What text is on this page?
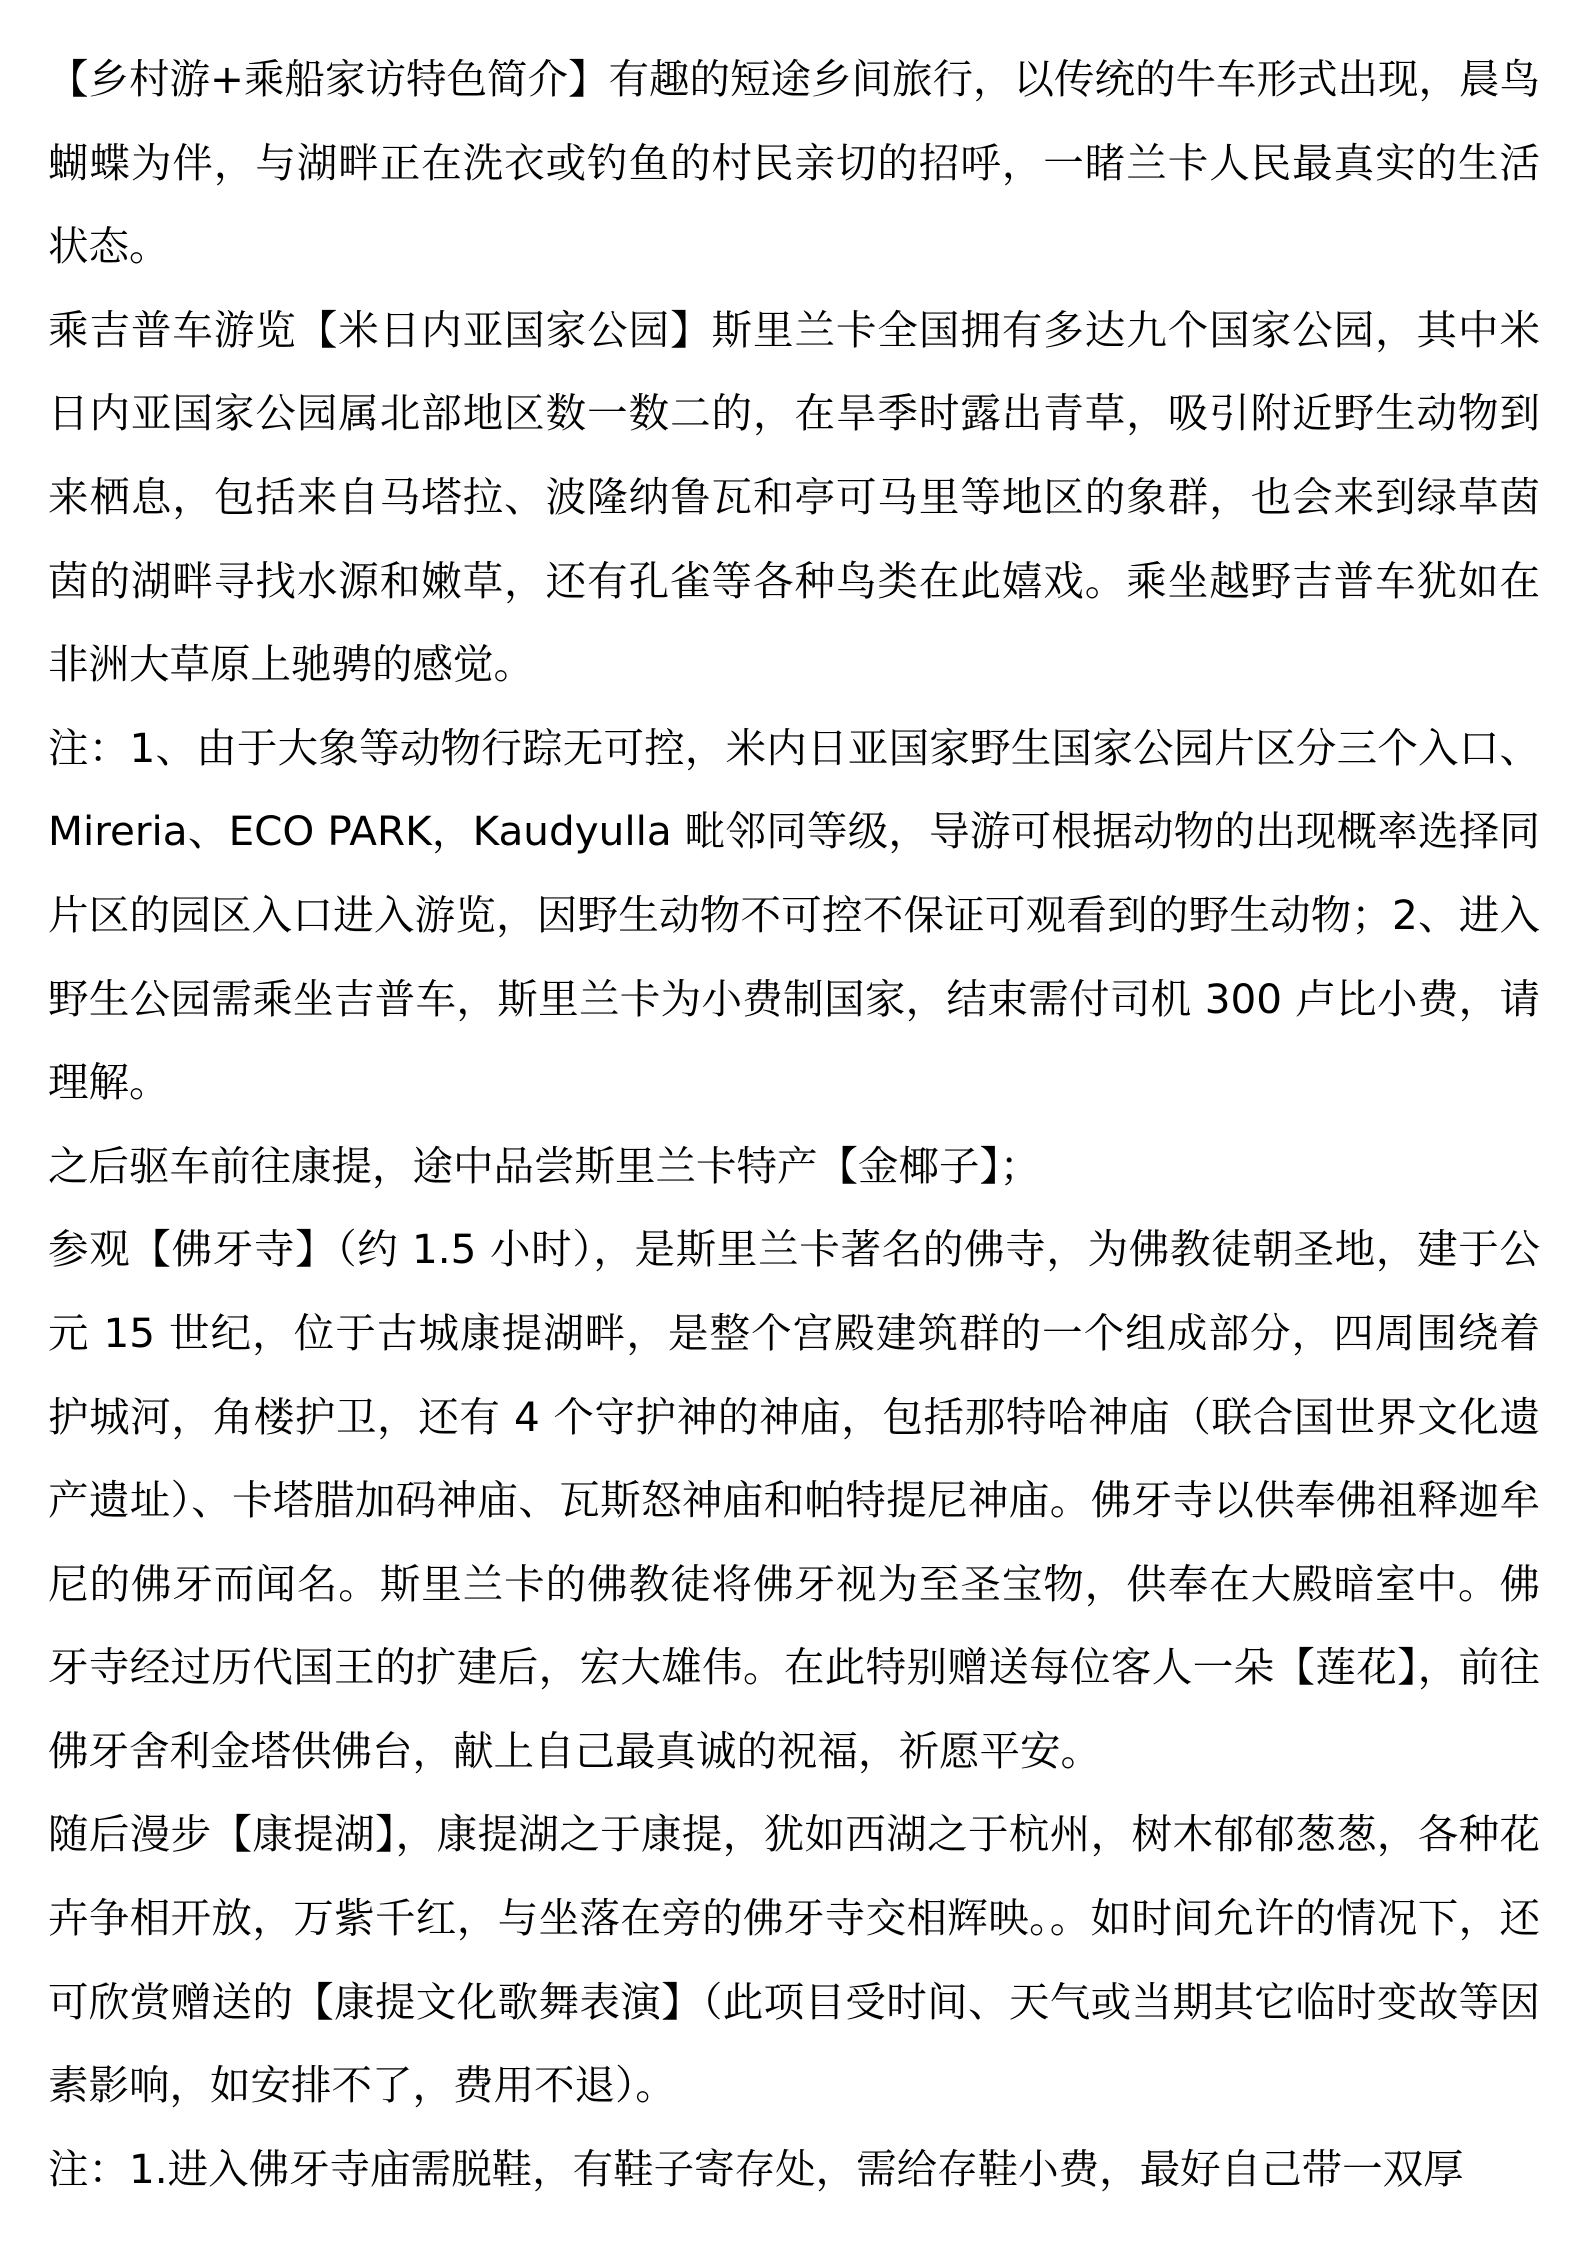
【乡村游+乘船家访特色简介】有趣的短途乡间旅行，以传统的牛车形式出现，晨鸟蝴蝶为伴，与湖畔正在洗衣或钓鱼的村民亲切的招呼，一睹兰卡人民最真实的生活状态。

乘吉普车游览【米日内亚国家公园】斯里兰卡全国拥有多达九个国家公园，其中米日内亚国家公园属北部地区数一数二的，在旱季时露出青草，吸引附近野生动物到来栖息，包括来自马塔拉、波隆纳鲁瓦和亭可马里等地区的象群，也会来到绿草茵茵的湖畔寻找水源和嫩草，还有孔雀等各种鸟类在此嬉戏。乘坐越野吉普车犹如在非洲大草原上驰骋的感觉。

注：1、由于大象等动物行踪无可控，米内日亚国家野生国家公园片区分三个入口、Mireria、ECO PARK，Kaudyulla 毗邻同等级，导游可根据动物的出现概率选择同片区的园区入口进入游览，因野生动物不可控不保证可观看到的野生动物；2、进入野生公园需乘坐吉普车，斯里兰卡为小费制国家，结束需付司机 300 卢比小费，请理解。

之后驱车前往康提，途中品尝斯里兰卡特产【金椰子】；

参观【佛牙寺】（约 1.5 小时），是斯里兰卡著名的佛寺，为佛教徒朝圣地，建于公元 15 世纪，位于古城康提湖畔，是整个宫殿建筑群的一个组成部分，四周围绕着护城河，角楼护卫，还有 4 个守护神的神庙，包括那特哈神庙（联合国世界文化遗产遗址）、卡塔腊加码神庙、瓦斯怒神庙和帕特提尼神庙。佛牙寺以供奉佛祖释迦牟尼的佛牙而闻名。斯里兰卡的佛教徒将佛牙视为至圣宝物，供奉在大殿暗室中。佛牙寺经过历代国王的扩建后，宏大雄伟。在此特别赠送每位客人一朵【莲花】，前往佛牙舍利金塔供佛台，献上自己最真诚的祝福，祈愿平安。

随后漫步【康提湖】，康提湖之于康提，犹如西湖之于杭州，树木郁郁葱葱，各种花卉争相开放，万紫千红，与坐落在旁的佛牙寺交相辉映。。如时间允许的情况下，还可欣赏赠送的【康提文化歌舞表演】（此项目受时间、天气或当期其它临时变故等因素影响，如安排不了，费用不退）。

注：1.进入佛牙寺庙需脱鞋，有鞋子寄存处，需给存鞋小费，最好自己带一双厚
